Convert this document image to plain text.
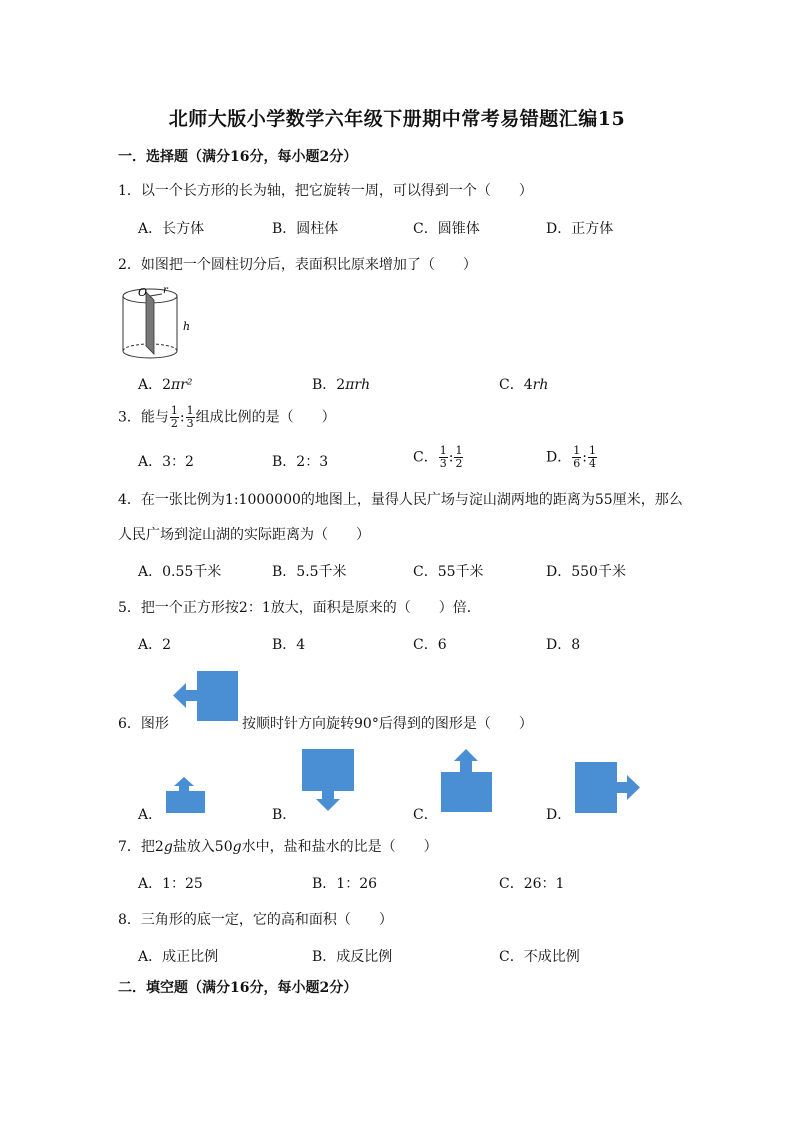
北师大版小学数学六年级下册期中常考易错题汇编15
一．选择题（满分16分，每小题2分）
1．以一个长方形的长为轴，把它旋转一周，可以得到一个（　　）
A．长方体	B．圆柱体	C．圆锥体	D．正方体
2．如图把一个圆柱切分后，表面积比原来增加了（　　）
O r
h
A．2πr²	B．2πrh	C．4rh
3．能与 $\frac{1}{2}$ : $\frac{1}{3}$ 组成比例的是（　　）
A．3：2	B．2：3	C． $\frac{1}{3}$ : $\frac{1}{2}$	D． $\frac{1}{6}$ : $\frac{1}{4}$
4．在一张比例为1:1000000的地图上，量得人民广场与淀山湖两地的距离为55厘米，那么
人民广场到淀山湖的实际距离为（　　）
A．0.55千米	B．5.5千米	C．55千米	D．550千米
5．把一个正方形按2：1放大，面积是原来的（　　）倍．
A．2	B．4	C．6	D．8
6．图形	按顺时针方向旋转90°后得到的图形是（　　）
A．	B．	C．	D．
7．把2g盐放入50g水中，盐和盐水的比是（　　）
A．1：25	B．1：26	C．26：1
8．三角形的底一定，它的高和面积（　　）
A．成正比例	B．成反比例	C．不成比例
二．填空题（满分16分，每小题2分）
